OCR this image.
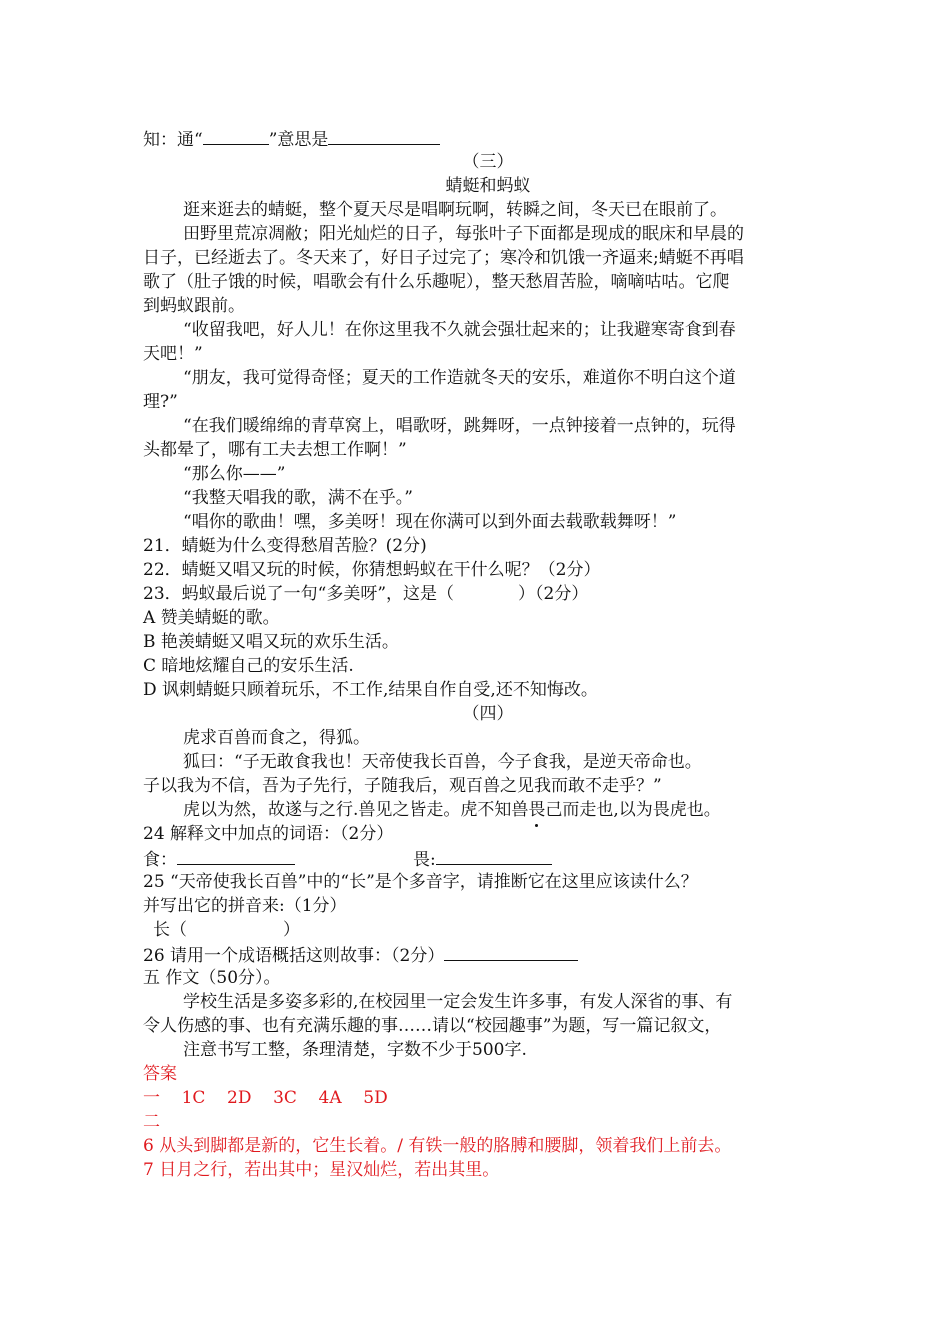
知：通“	”意思是
（三）
蜻蜓和蚂蚁
逛来逛去的蜻蜓，整个夏天尽是唱啊玩啊，转瞬之间，冬天已在眼前了。
田野里荒凉凋敝；阳光灿烂的日子，每张叶子下面都是现成的眠床和早晨的
日子，已经逝去了。冬天来了，好日子过完了；寒冷和饥饿一齐逼来;蜻蜓不再唱
歌了（肚子饿的时候，唱歌会有什么乐趣呢），整天愁眉苦脸，嘀嘀咕咕。它爬
到蚂蚁跟前。
“收留我吧，好人儿！在你这里我不久就会强壮起来的；让我避寒寄食到春
天吧！”
“朋友，我可觉得奇怪；夏天的工作造就冬天的安乐，难道你不明白这个道
理?”
“在我们暖绵绵的青草窝上，唱歌呀，跳舞呀，一点钟接着一点钟的，玩得
头都晕了，哪有工夫去想工作啊！”
“那么你——”
“我整天唱我的歌，满不在乎。”
“唱你的歌曲！嘿，多美呀！现在你满可以到外面去载歌载舞呀！”
21．蜻蜓为什么变得愁眉苦脸？(2分)
22．蜻蜓又唱又玩的时候，你猜想蚂蚁在干什么呢？（2分）
23．蚂蚁最后说了一句“多美呀”，这是（	）（2分）
A 赞美蜻蜓的歌。
B 艳羡蜻蜓又唱又玩的欢乐生活。
C 暗地炫耀自己的安乐生活.
D 讽刺蜻蜓只顾着玩乐，不工作,结果自作自受,还不知悔改。
（四）
虎求百兽而食之，得狐。
狐曰：“子无敢食我也！天帝使我长百兽，今子食我，是逆天帝命也。
子以我为不信，吾为子先行，子随我后，观百兽之见我而敢不走乎？”
虎以为然，故遂与之行.兽见之皆走。虎不知兽畏己而走也,以为畏虎也。
24 解释文中加点的词语：（2分）
食：	畏:
25 “天帝使我长百兽”中的“长”是个多音字，请推断它在这里应该读什么？
并写出它的拼音来:（1分）
长（	）
26 请用一个成语概括这则故事：（2分）
五 作文（50分）。
学校生活是多姿多彩的,在校园里一定会发生许多事，有发人深省的事、有
令人伤感的事、也有充满乐趣的事……请以“校园趣事”为题，写一篇记叙文，
注意书写工整，条理清楚，字数不少于500字.
答案
一    1C    2D    3C    4A    5D
二
6 从头到脚都是新的，它生长着。/ 有铁一般的胳膊和腰脚，领着我们上前去。
7 日月之行，若出其中；星汉灿烂，若出其里。
